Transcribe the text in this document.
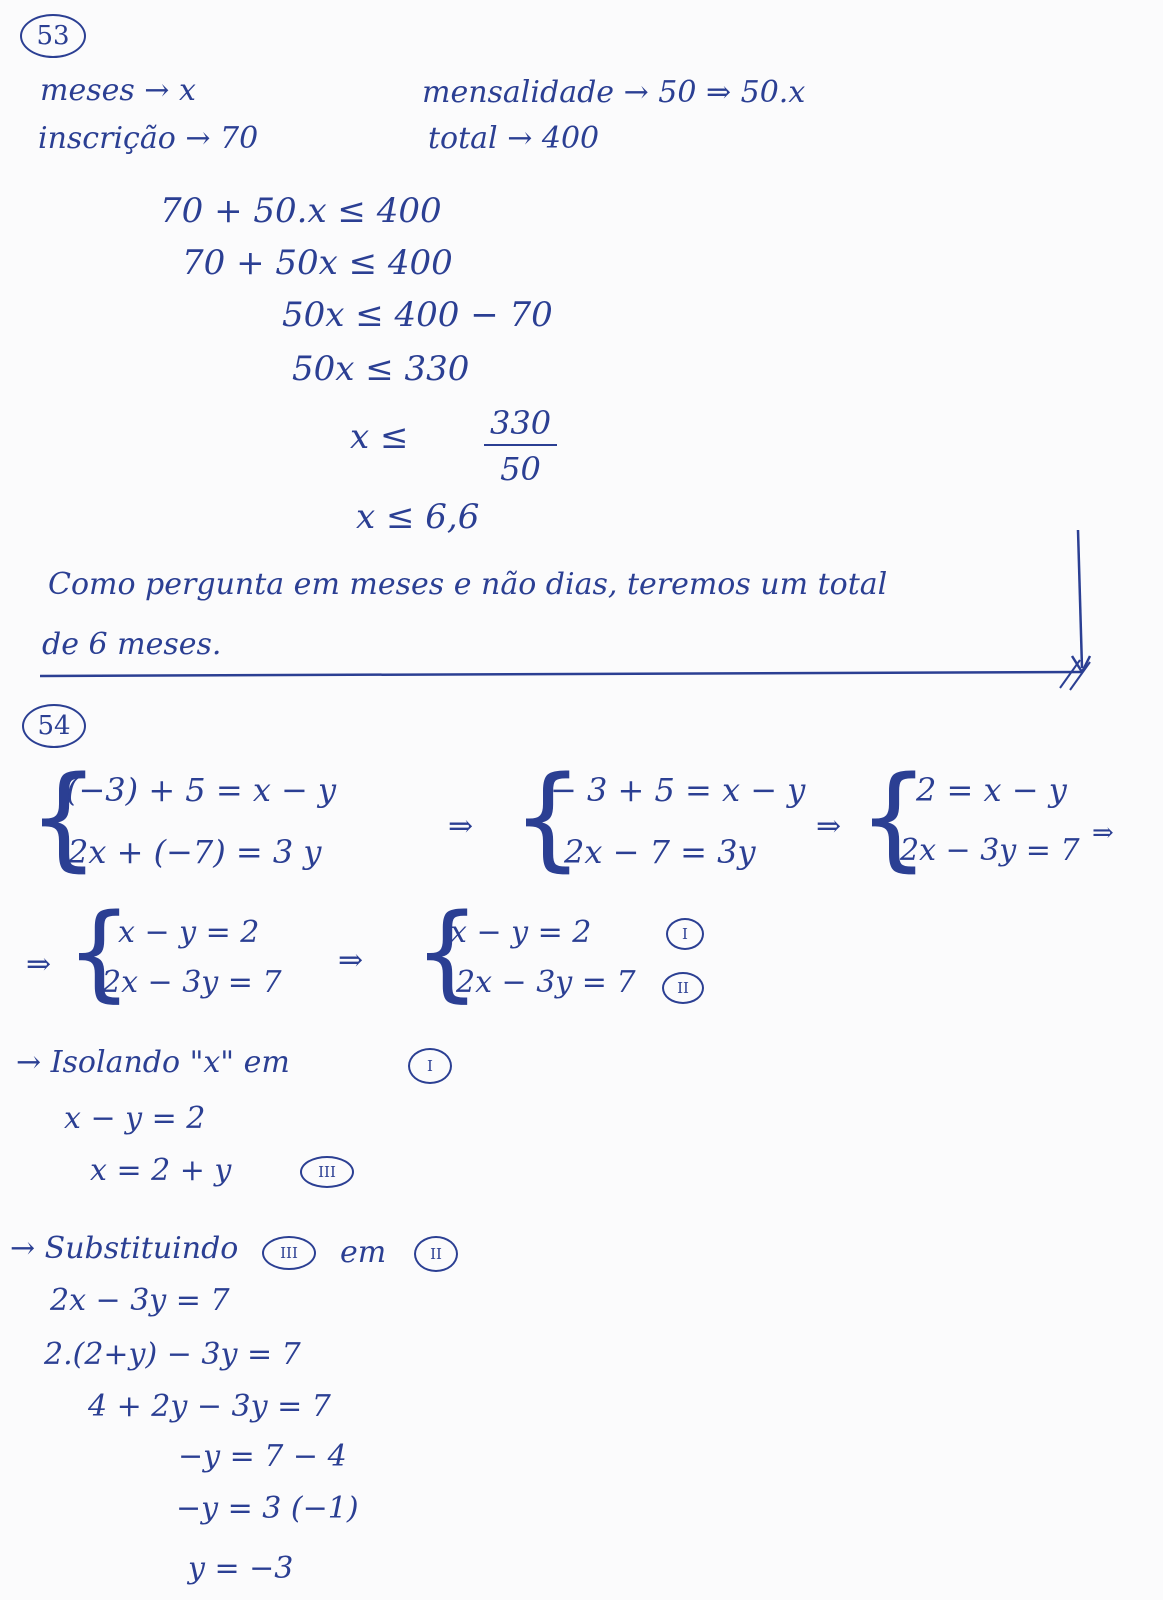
53
meses → x
inscrição → 70
mensalidade → 50 ⇒ 50.x
total → 400
70 + 50.x ≤ 400
70 + 50x ≤ 400
50x ≤ 400 − 70
50x ≤ 330
$x \le \frac{330}{50}$
x ≤ 6,6
Como pergunta em meses e não dias, teremos um total
de 6 meses.
54
{
(−3) + 5 = x − y
2x + (−7) = 3 y
⇒ {
− 3 + 5 = x − y
2x − 7 = 3y
⇒ {
2 = x − y
2x − 3y = 7 ⇒
⇒ {
x − y = 2
2x − 3y = 7
⇒ {
x − y = 2
2x − 3y = 7
I
II
→ Isolando "x" em	I
x − y = 2
x = 2 + y	III
→ Substituindo	III em	II
2x − 3y = 7
2.(2+y) − 3y = 7
4 + 2y − 3y = 7
−y = 7 − 4
−y = 3 (−1)
y = −3
